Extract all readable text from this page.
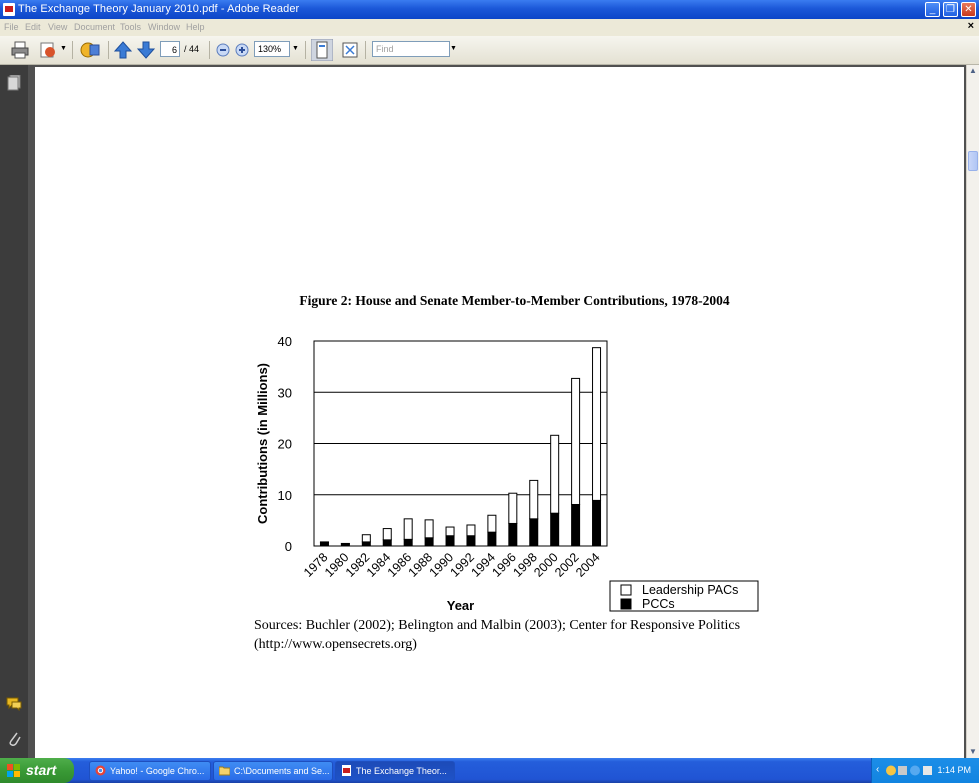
The Exchange Theory January 2010.pdf - Adobe Reader	_	❐ ✕
File Edit View Document Tools Window Help	×
▼	6 / 44	130%	▼	Find	▼
Figure 2: House and Senate Member-to-Member Contributions, 1978-2004
0
10
20
30
40
1978
1980
1982
1984
1986
1988
1990
1992
1994
1996
1998
2000
2002
2004
Contributions (in Millions)
Year
Leadership PACs
PCCs
Sources: Buchler (2002); Belington and Malbin (2003); Center for Responsive Politics
(http://www.opensecrets.org)
▲
▼
start	Yahoo! - Google Chro...	C:\Documents and Se...	The Exchange Theor...	‹	1:14 PM
